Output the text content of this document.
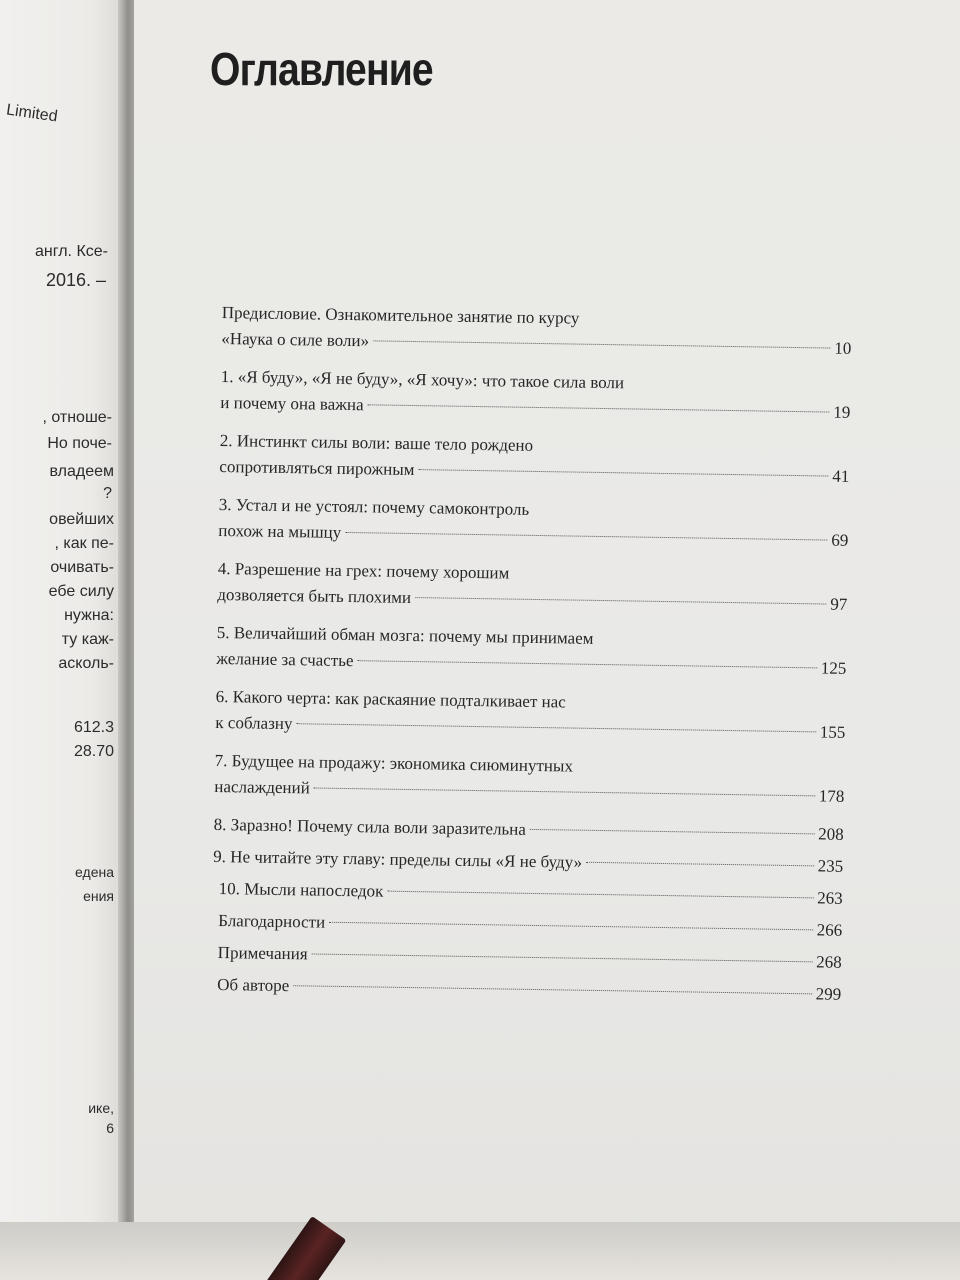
Limited
англ. Ксе-
2016. –
, отноше-
Но поче-
владеем
?
овейших
, как пе-
очивать-
ебе силу
нужна:
ту каж-
асколь-
612.3
28.70
едена
ения
ике,
6
Оглавление
Предисловие. Ознакомительное занятие по курсу
«Наука о силе воли»	10
1. «Я буду», «Я не буду», «Я хочу»: что такое сила воли
и почему она важна	19
2. Инстинкт силы воли: ваше тело рождено
сопротивляться пирожным	41
3. Устал и не устоял: почему самоконтроль
похож на мышцу	69
4. Разрешение на грех: почему хорошим
дозволяется быть плохими	97
5. Величайший обман мозга: почему мы принимаем
желание за счастье	125
6. Какого черта: как раскаяние подталкивает нас
к соблазну	155
7. Будущее на продажу: экономика сиюминутных
наслаждений	178
8. Заразно! Почему сила воли заразительна	208
9. Не читайте эту главу: пределы силы «Я не буду»	235
10. Мысли напоследок	263
Благодарности	266
Примечания	268
Об авторе	299
